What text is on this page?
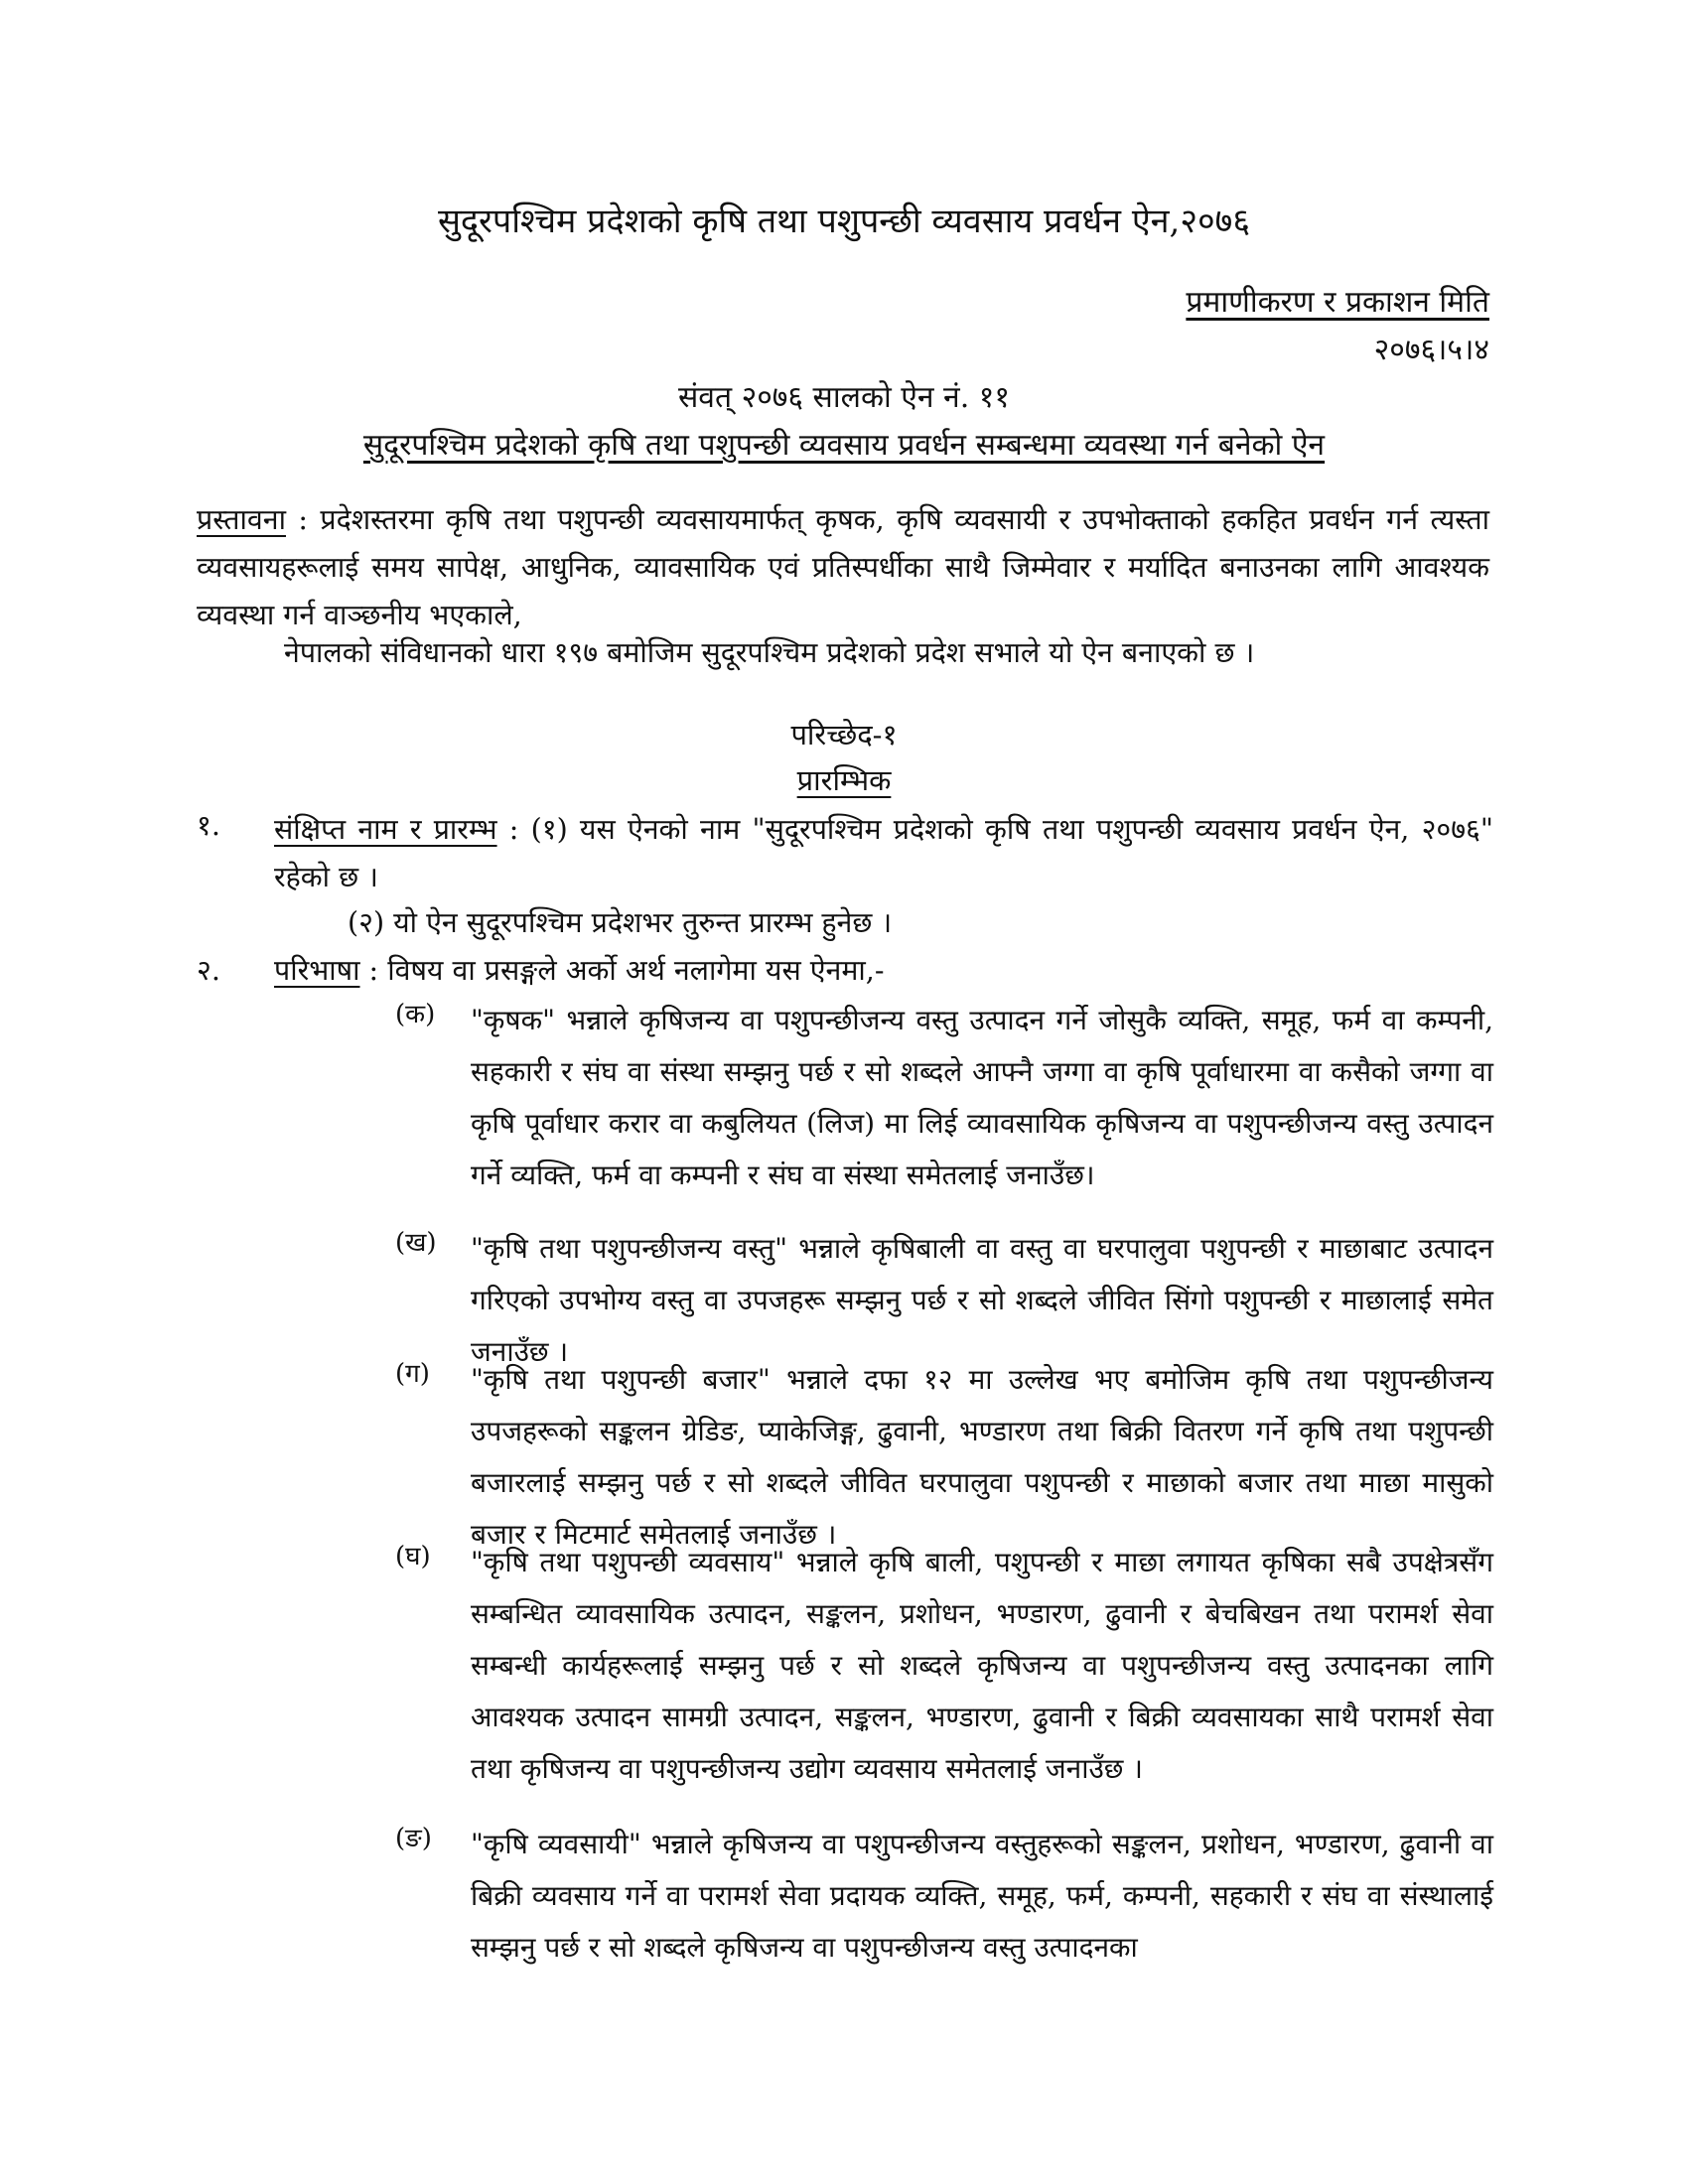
सुदूरपश्चिम प्रदेशको कृषि तथा पशुपन्छी व्यवसाय प्रवर्धन ऐन,२०७६
प्रमाणीकरण र प्रकाशन मिति
२०७६।५।४
संवत् २०७६ सालको ऐन नं. ११
सुदूरपश्चिम प्रदेशको कृषि तथा पशुपन्छी व्यवसाय प्रवर्धन सम्बन्धमा व्यवस्था गर्न बनेको ऐन
प्रस्तावना : प्रदेशस्तरमा कृषि तथा पशुपन्छी व्यवसायमार्फत् कृषक, कृषि व्यवसायी र उपभोक्ताको हकहित प्रवर्धन गर्न त्यस्ता व्यवसायहरूलाई समय सापेक्ष, आधुनिक, व्यावसायिक एवं प्रतिस्पर्धीका साथै जिम्मेवार र मर्यादित बनाउनका लागि आवश्यक व्यवस्था गर्न वाञ्छनीय भएकाले,
नेपालको संविधानको धारा १९७ बमोजिम सुदूरपश्चिम प्रदेशको प्रदेश सभाले यो ऐन बनाएको छ ।
परिच्छेद-१
प्रारम्भिक
१. संक्षिप्त नाम र प्रारम्भ : (१) यस ऐनको नाम "सुदूरपश्चिम प्रदेशको कृषि तथा पशुपन्छी व्यवसाय प्रवर्धन ऐन, २०७६" रहेको छ ।
(२) यो ऐन सुदूरपश्चिम प्रदेशभर तुरुन्त प्रारम्भ हुनेछ ।
२. परिभाषा : विषय वा प्रसङ्गले अर्को अर्थ नलागेमा यस ऐनमा,-
(क) "कृषक" भन्नाले कृषिजन्य वा पशुपन्छीजन्य वस्तु उत्पादन गर्ने जोसुकै व्यक्ति, समूह, फर्म वा कम्पनी, सहकारी र संघ वा संस्था सम्झनु पर्छ र सो शब्दले आफ्नै जग्गा वा कृषि पूर्वाधारमा वा कसैको जग्गा वा कृषि पूर्वाधार करार वा कबुलियत (लिज) मा लिई व्यावसायिक कृषिजन्य वा पशुपन्छीजन्य वस्तु उत्पादन गर्ने व्यक्ति, फर्म वा कम्पनी र संघ वा संस्था समेतलाई जनाउँछ।
(ख) "कृषि तथा पशुपन्छीजन्य वस्तु" भन्नाले कृषिबाली वा वस्तु वा घरपालुवा पशुपन्छी र माछाबाट उत्पादन गरिएको उपभोग्य वस्तु वा उपजहरू सम्झनु पर्छ र सो शब्दले जीवित सिंगो पशुपन्छी र माछालाई समेत जनाउँछ ।
(ग) "कृषि तथा पशुपन्छी बजार" भन्नाले दफा १२ मा उल्लेख भए बमोजिम कृषि तथा पशुपन्छीजन्य उपजहरूको सङ्कलन ग्रेडिङ, प्याकेजिङ्ग, ढुवानी, भण्डारण तथा बिक्री वितरण गर्ने कृषि तथा पशुपन्छी बजारलाई सम्झनु पर्छ र सो शब्दले जीवित घरपालुवा पशुपन्छी र माछाको बजार तथा माछा मासुको बजार र मिटमार्ट समेतलाई जनाउँछ ।
(घ) "कृषि तथा पशुपन्छी व्यवसाय" भन्नाले कृषि बाली, पशुपन्छी र माछा लगायत कृषिका सबै उपक्षेत्रसँग सम्बन्धित व्यावसायिक उत्पादन, सङ्कलन, प्रशोधन, भण्डारण, ढुवानी र बेचबिखन तथा परामर्श सेवा सम्बन्धी कार्यहरूलाई सम्झनु पर्छ र सो शब्दले कृषिजन्य वा पशुपन्छीजन्य वस्तु उत्पादनका लागि आवश्यक उत्पादन सामग्री उत्पादन, सङ्कलन, भण्डारण, ढुवानी र बिक्री व्यवसायका साथै परामर्श सेवा तथा कृषिजन्य वा पशुपन्छीजन्य उद्योग व्यवसाय समेतलाई जनाउँछ ।
(ङ) "कृषि व्यवसायी" भन्नाले कृषिजन्य वा पशुपन्छीजन्य वस्तुहरूको सङ्कलन, प्रशोधन, भण्डारण, ढुवानी वा बिक्री व्यवसाय गर्ने वा परामर्श सेवा प्रदायक व्यक्ति, समूह, फर्म, कम्पनी, सहकारी र संघ वा संस्थालाई सम्झनु पर्छ र सो शब्दले कृषिजन्य वा पशुपन्छीजन्य वस्तु उत्पादनका
